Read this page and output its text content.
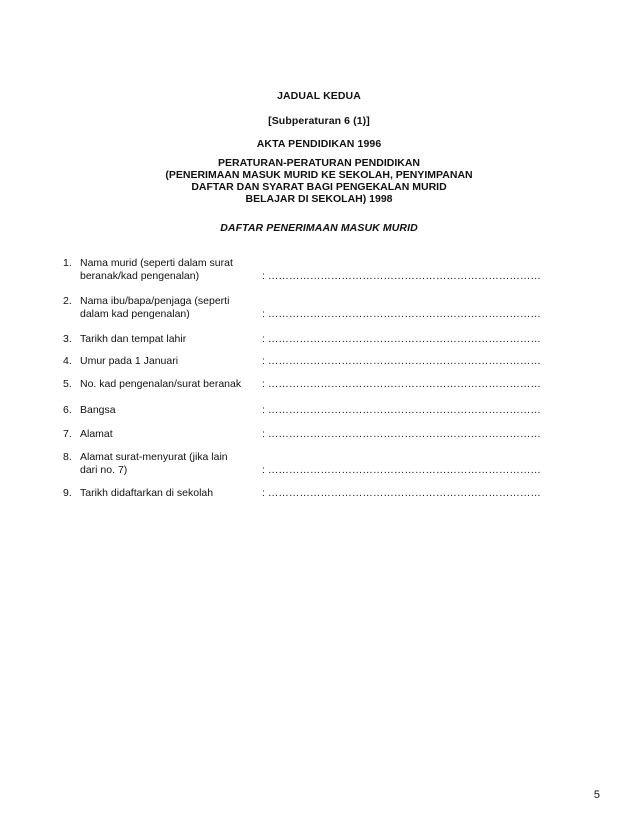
JADUAL KEDUA
[Subperaturan 6 (1)]
AKTA PENDIDIKAN 1996
PERATURAN-PERATURAN PENDIDIKAN
(PENERIMAAN MASUK MURID KE SEKOLAH, PENYIMPANAN
DAFTAR DAN SYARAT BAGI PENGEKALAN MURID
BELAJAR DI SEKOLAH) 1998
DAFTAR PENERIMAAN MASUK MURID
1. Nama murid (seperti dalam surat
beranak/kad pengenalan)	: ……………………………………………………………………
2. Nama ibu/bapa/penjaga (seperti
dalam kad pengenalan)	: ……………………………………………………………………
3. Tarikh dan tempat lahir	: ……………………………………………………………………
4. Umur pada 1 Januari	: ……………………………………………………………………
5. No. kad pengenalan/surat beranak	: ……………………………………………………………………
6. Bangsa	: ……………………………………………………………………
7. Alamat	: ……………………………………………………………………
8. Alamat surat-menyurat (jika lain
dari no. 7)	: ……………………………………………………………………
9. Tarikh didaftarkan di sekolah	: ……………………………………………………………………
5
